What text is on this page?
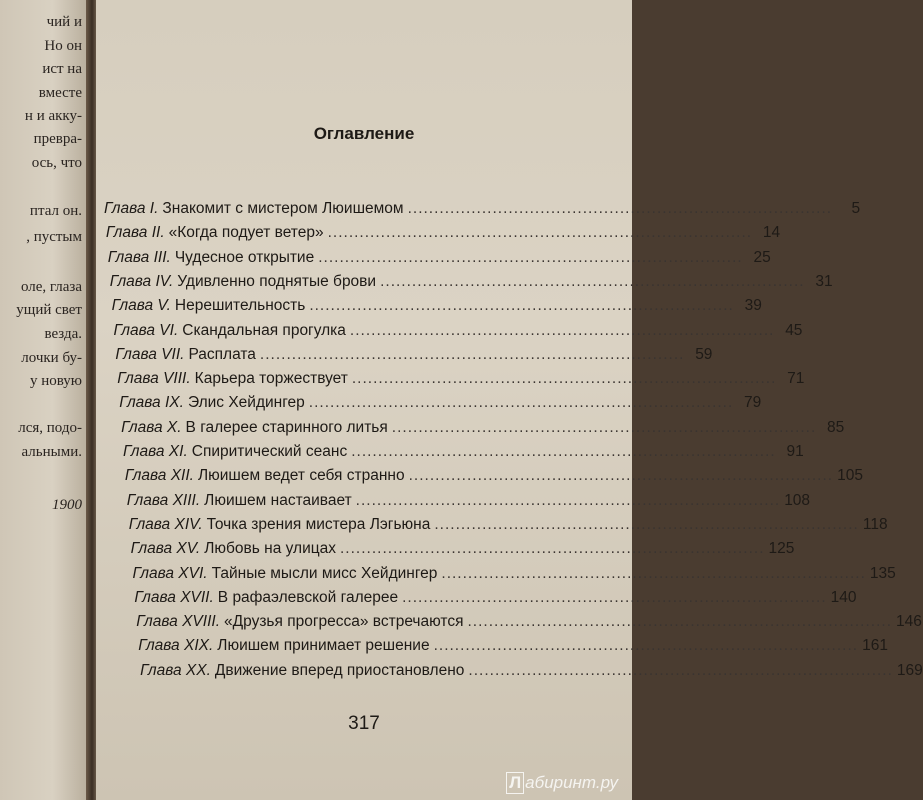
чий и
Но он
ист на
вместе
н и акку-
превра-
ось, что
птал он.
, пустым
оле, глаза
ущий свет
везда.
лочки бу-
у новую
лся, подо-
альными.
1900
Оглавление
Глава I. Знакомит с мистером Люишемом ................................................................................	5
Глава II. «Когда подует ветер» ................................................................................ 14
Глава III. Чудесное открытие ................................................................................ 25
Глава IV. Удивленно поднятые брови ................................................................................ 31
Глава V. Нерешительность ................................................................................ 39
Глава VI. Скандальная прогулка ................................................................................ 45
Глава VII. Расплата ................................................................................ 59
Глава VIII. Карьера торжествует ................................................................................ 71
Глава IX. Элис Хейдингер ................................................................................ 79
Глава X. В галерее старинного литья ................................................................................ 85
Глава XI. Спиритический сеанс ................................................................................ 91
Глава XII. Люишем ведет себя странно ................................................................................ 105
Глава XIII. Люишем настаивает ................................................................................ 108
Глава XIV. Точка зрения мистера Лэгьюна ................................................................................ 118
Глава XV. Любовь на улицах ................................................................................ 125
Глава XVI. Тайные мысли мисс Хейдингер ................................................................................ 135
Глава XVII. В рафаэлевской галерее ................................................................................ 140
Глава XVIII. «Друзья прогресса» встречаются ................................................................................ 146
Глава XIX. Люишем принимает решение ................................................................................ 161
Глава XX. Движение вперед приостановлено ................................................................................ 169
317
Л абиринт.ру
